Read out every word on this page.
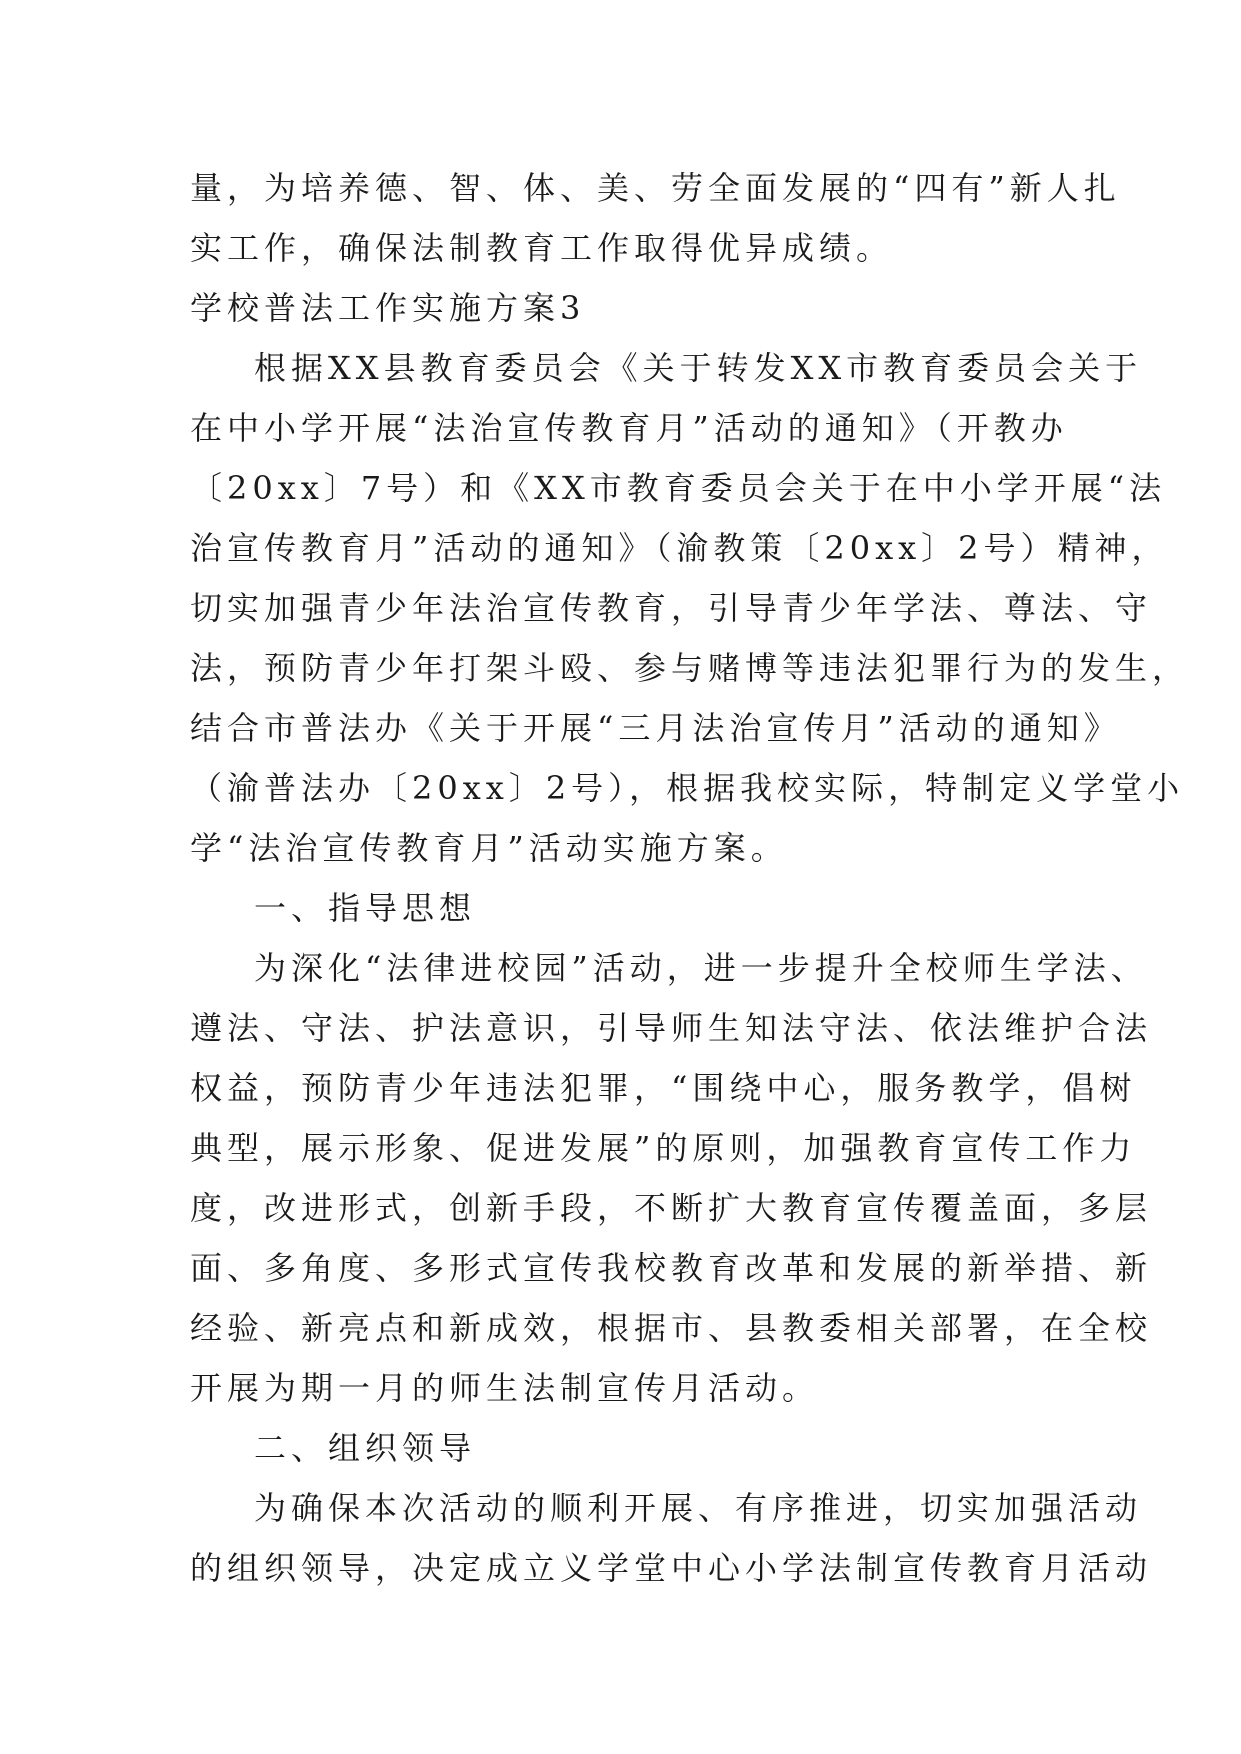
量，为培养德、智、体、美、劳全面发展的“四有”新人扎
实工作，确保法制教育工作取得优异成绩。
学校普法工作实施方案3
根据XX县教育委员会《关于转发XX市教育委员会关于
在中小学开展“法治宣传教育月”活动的通知》（开教办
〔20xx〕7号）和《XX市教育委员会关于在中小学开展“法
治宣传教育月”活动的通知》（渝教策〔20xx〕2号）精神，
切实加强青少年法治宣传教育，引导青少年学法、尊法、守
法，预防青少年打架斗殴、参与赌博等违法犯罪行为的发生，
结合市普法办《关于开展“三月法治宣传月”活动的通知》
（渝普法办〔20xx〕2号），根据我校实际，特制定义学堂小
学“法治宣传教育月”活动实施方案。
一、指导思想
为深化“法律进校园”活动，进一步提升全校师生学法、
遵法、守法、护法意识，引导师生知法守法、依法维护合法
权益，预防青少年违法犯罪，“围绕中心，服务教学，倡树
典型，展示形象、促进发展”的原则，加强教育宣传工作力
度，改进形式，创新手段，不断扩大教育宣传覆盖面，多层
面、多角度、多形式宣传我校教育改革和发展的新举措、新
经验、新亮点和新成效，根据市、县教委相关部署，在全校
开展为期一月的师生法制宣传月活动。
二、组织领导
为确保本次活动的顺利开展、有序推进，切实加强活动
的组织领导，决定成立义学堂中心小学法制宣传教育月活动
